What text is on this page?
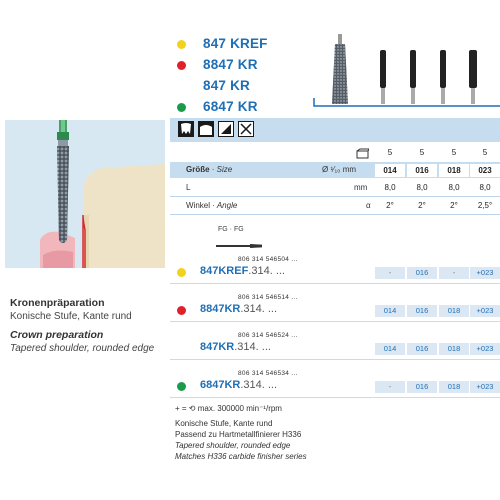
Kronenpräparation
Konische Stufe, Kante rund
Crown preparation
Tapered shoulder, rounded edge
847 KREF
8847 KR
847 KR
6847 KR
5	5	5	5
Größe · Size	Ø ¹⁄₁₀ mm	014	016	018	023
L	mm	8,0	8,0	8,0	8,0
Winkel · Angle	α	2°	2°	2°	2,5°
FG · FG
806 314 546504 ...
847KREF.314. ...	-	016	-	+023
806 314 546514 ...
8847KR.314. ...	014	016	018	+023
806 314 546524 ...
847KR.314. ...	014	016	018	+023
806 314 546534 ...
6847KR.314. ...	-	016	018	+023
+ = ⟲ max. 300000 min⁻¹/rpm
Konische Stufe, Kante rund
Passend zu Hartmetallfinierer H336
Tapered shoulder, rounded edge
Matches H336 carbide finisher series
